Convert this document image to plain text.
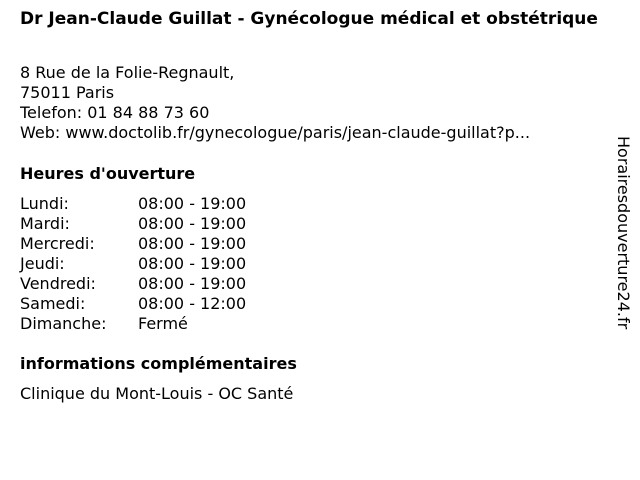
Dr Jean-Claude Guillat - Gynécologue médical et obstétrique
8 Rue de la Folie-Regnault,
75011 Paris
Telefon: 01 84 88 73 60
Web: www.doctolib.fr/gynecologue/paris/jean-claude-guillat?p...
Heures d'ouverture
Lundi:	08:00 - 19:00
Mardi:	08:00 - 19:00
Mercredi:	08:00 - 19:00
Jeudi:	08:00 - 19:00
Vendredi:	08:00 - 19:00
Samedi:	08:00 - 12:00
Dimanche:	Fermé
informations complémentaires
Clinique du Mont-Louis - OC Santé
Horairesdouverture24.fr
